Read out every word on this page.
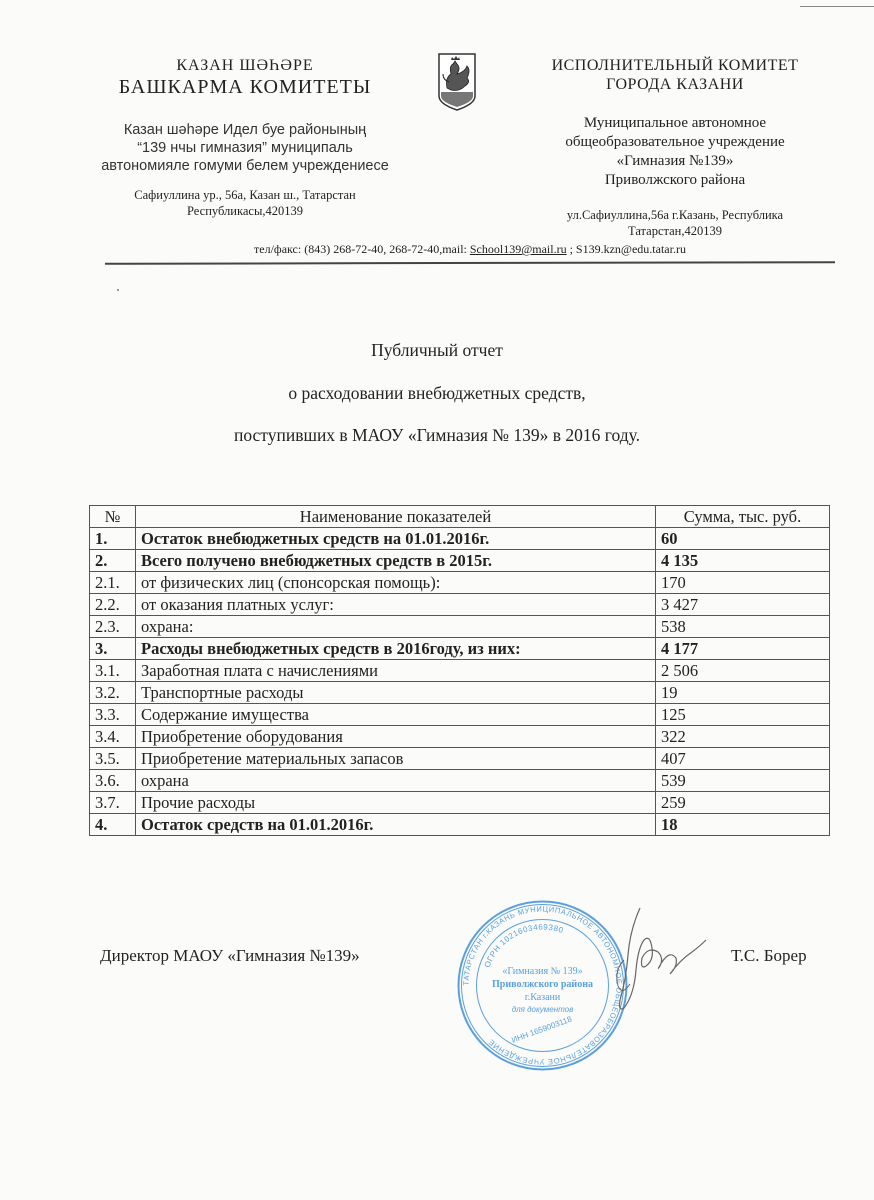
КАЗАН ШӘҺӘРЕ
БАШКАРМА КОМИТЕТЫ
Казан шәһәре Идел буе районының
“139 нчы гимназия” муниципаль
автономияле гомуми белем учреждениесе
Сафиуллина ур., 56а, Казан ш., Татарстан
Республикасы,420139
ИСПОЛНИТЕЛЬНЫЙ КОМИТЕТ
ГОРОДА КАЗАНИ
Муниципальное автономное
общеобразовательное учреждение
«Гимназия №139»
Приволжского района
ул.Сафиуллина,56а г.Казань, Республика
Татарстан,420139
тел/факс: (843) 268-72-40, 268-72-40,mail: School139@mail.ru ; S139.kzn@edu.tatar.ru
Публичный отчет
о расходовании внебюджетных средств,
поступивших в МАОУ «Гимназия № 139» в 2016 году.
№	Наименование показателей	Сумма, тыс. руб.
1.	Остаток внебюджетных средств на 01.01.2016г.	60
2.	Всего получено внебюджетных средств в 2015г.	4 135
2.1.	от физических лиц (спонсорская помощь):	170
2.2.	от оказания платных услуг:	3 427
2.3.	охрана:	538
3.	Расходы внебюджетных средств в 2016году, из них:	4 177
3.1.	Заработная плата с начислениями	2 506
3.2.	Транспортные расходы	19
3.3.	Содержание имущества	125
3.4.	Приобретение оборудования	322
3.5.	Приобретение материальных запасов	407
3.6.	охрана	539
3.7.	Прочие расходы	259
4.	Остаток средств на 01.01.2016г.	18
Директор МАОУ «Гимназия №139»
ТАТАРСТАН г.КАЗАНЬ МУНИЦИПАЛЬНОЕ АВТОНОМНОЕ ОБЩЕОБРАЗОВАТЕЛЬНОЕ УЧРЕЖДЕНИЕ
ОГРН 1021603469380
«Гимназия № 139»
Приволжского района
г.Казани
для документов
ИНН 1659003118
Т.С. Борер
